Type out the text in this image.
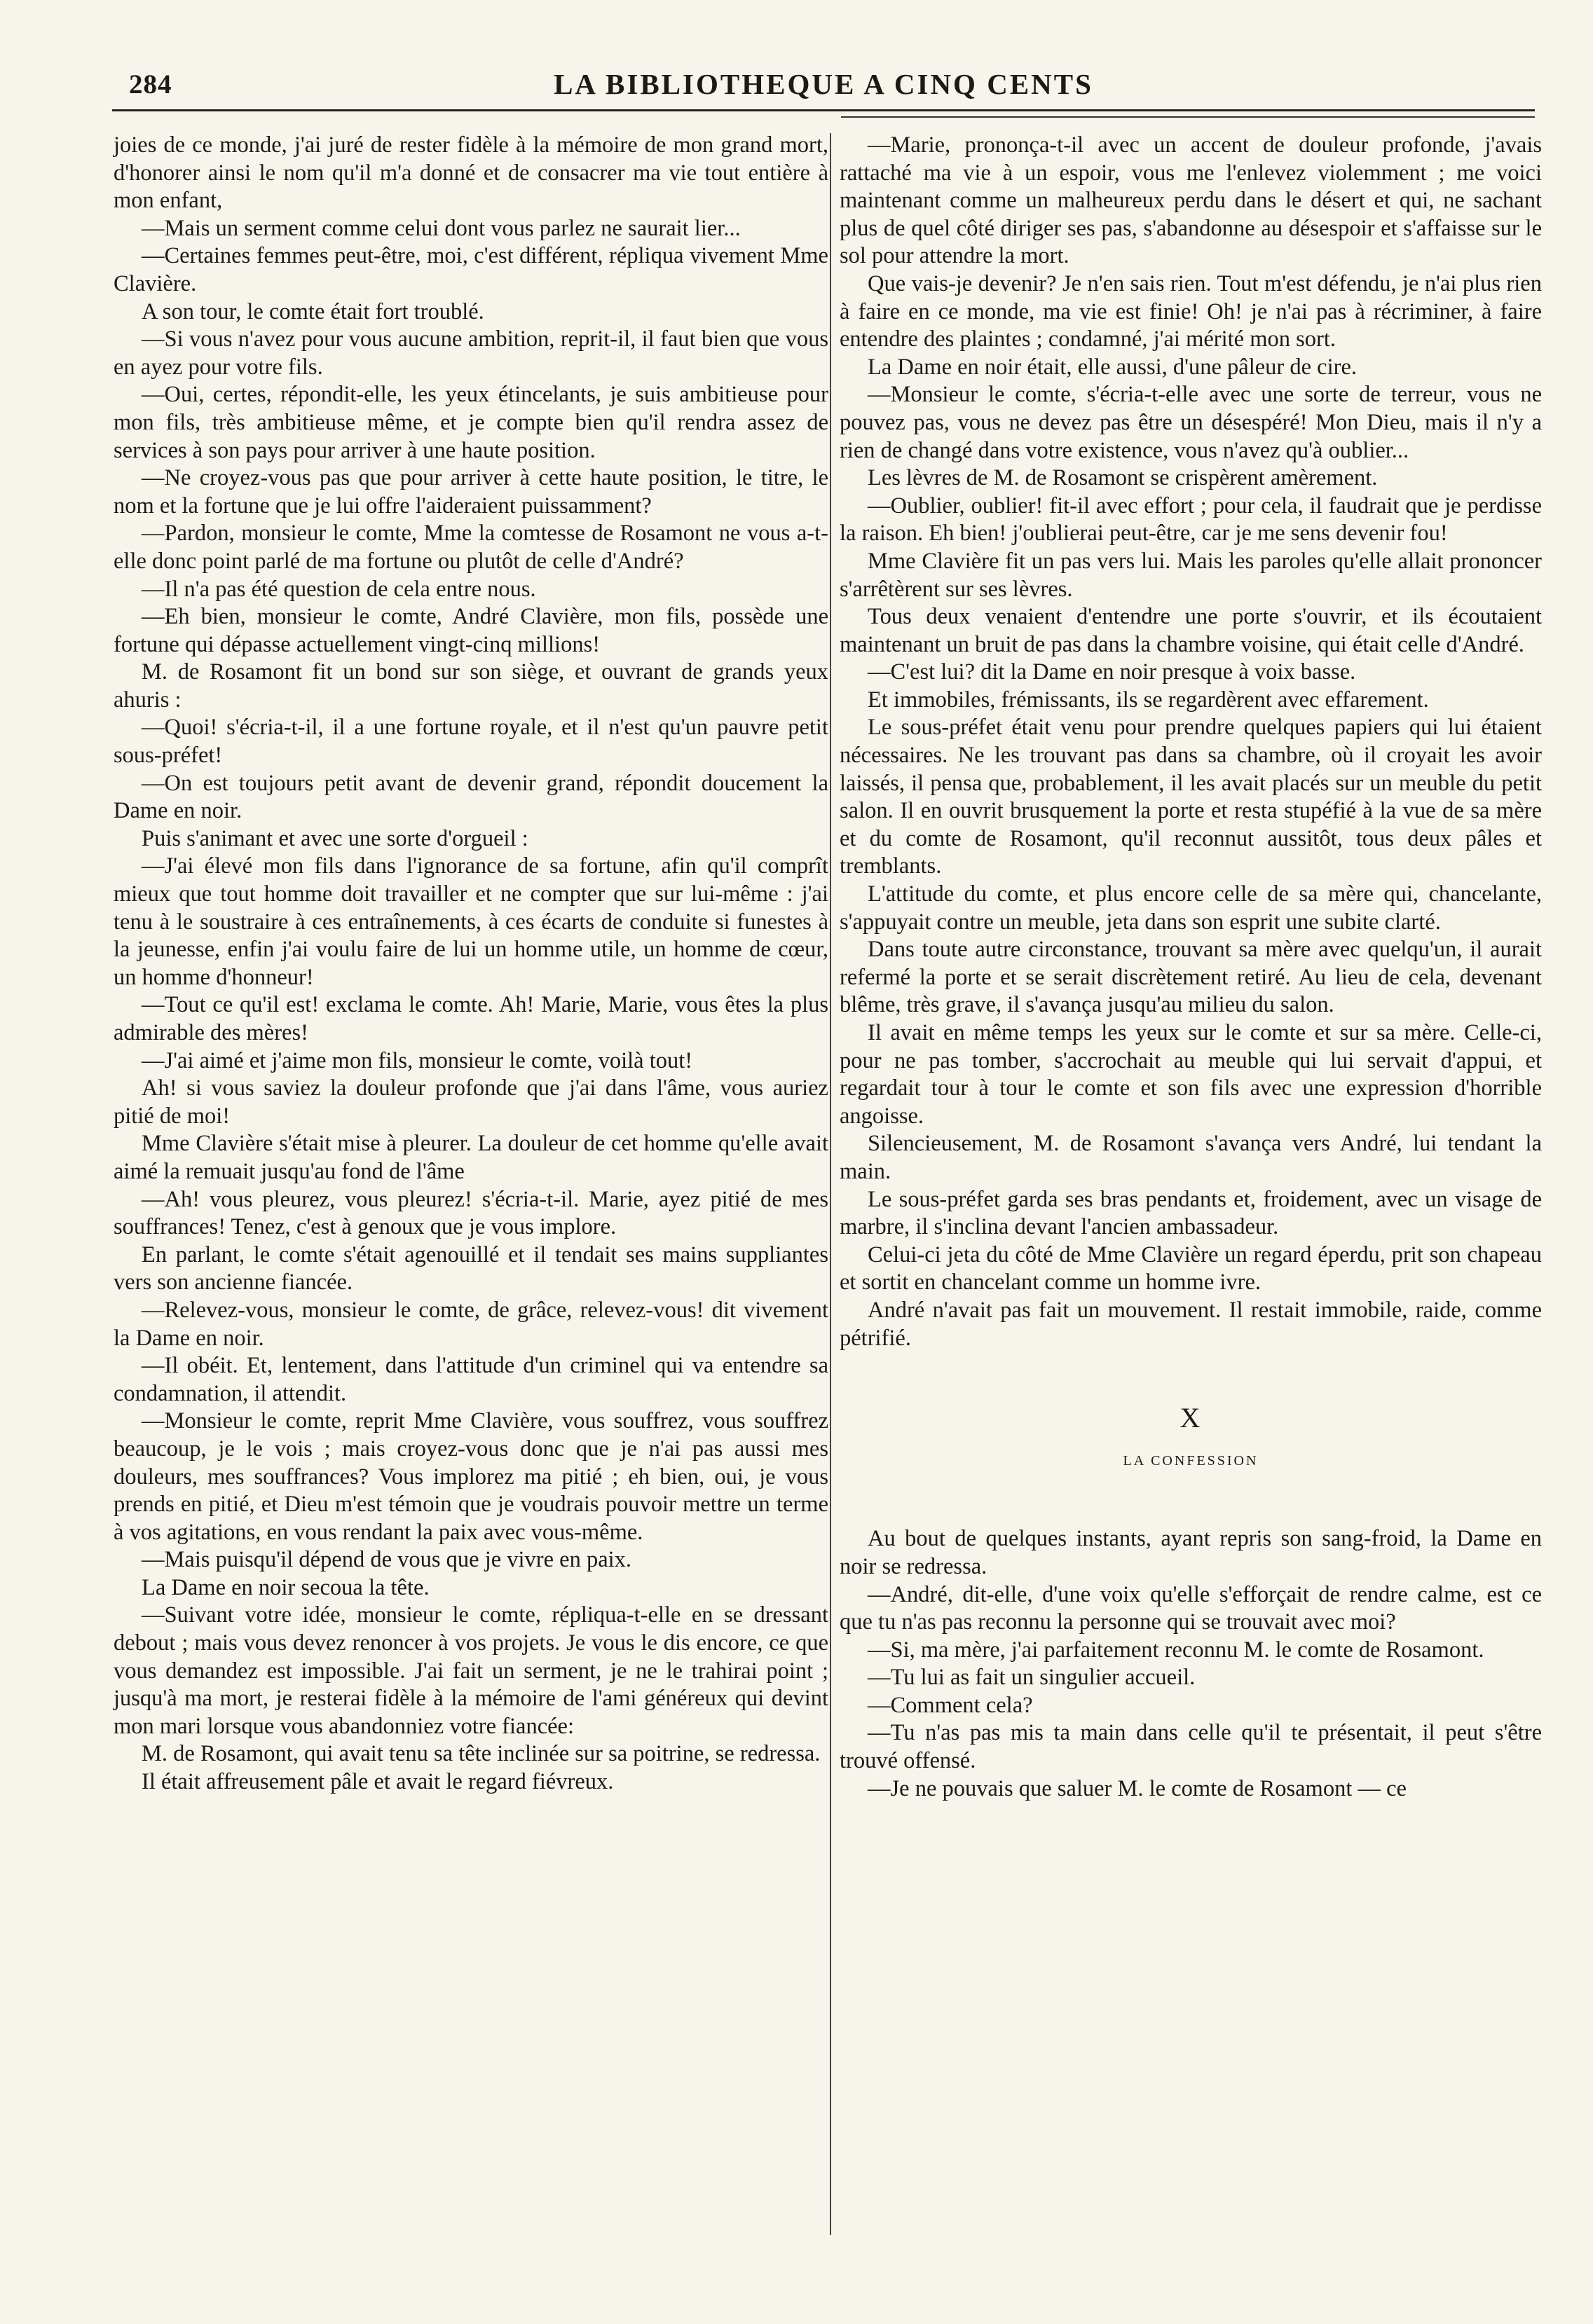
284	LA BIBLIOTHEQUE A CINQ CENTS

joies de ce monde, j'ai juré de rester fidèle à la mémoire de mon grand mort, d'honorer ainsi le nom qu'il m'a donné et de consacrer ma vie tout entière à mon enfant,

—Mais un serment comme celui dont vous parlez ne saurait lier...

—Certaines femmes peut-être, moi, c'est différent, répliqua vivement Mme Clavière.

A son tour, le comte était fort troublé.

—Si vous n'avez pour vous aucune ambition, reprit-il, il faut bien que vous en ayez pour votre fils.

—Oui, certes, répondit-elle, les yeux étincelants, je suis ambitieuse pour mon fils, très ambitieuse même, et je compte bien qu'il rendra assez de services à son pays pour arriver à une haute position.

—Ne croyez-vous pas que pour arriver à cette haute position, le titre, le nom et la fortune que je lui offre l'aideraient puissamment?

—Pardon, monsieur le comte, Mme la comtesse de Rosamont ne vous a-t-elle donc point parlé de ma fortune ou plutôt de celle d'André?

—Il n'a pas été question de cela entre nous.

—Eh bien, monsieur le comte, André Clavière, mon fils, possède une fortune qui dépasse actuellement vingt-cinq millions!

M. de Rosamont fit un bond sur son siège, et ouvrant de grands yeux ahuris :

—Quoi! s'écria-t-il, il a une fortune royale, et il n'est qu'un pauvre petit sous-préfet!

—On est toujours petit avant de devenir grand, répondit doucement la Dame en noir.

Puis s'animant et avec une sorte d'orgueil :

—J'ai élevé mon fils dans l'ignorance de sa fortune, afin qu'il comprît mieux que tout homme doit travailler et ne compter que sur lui-même : j'ai tenu à le soustraire à ces entraînements, à ces écarts de conduite si funestes à la jeunesse, enfin j'ai voulu faire de lui un homme utile, un homme de cœur, un homme d'honneur!

—Tout ce qu'il est! exclama le comte. Ah! Marie, Marie, vous êtes la plus admirable des mères!

—J'ai aimé et j'aime mon fils, monsieur le comte, voilà tout!

Ah! si vous saviez la douleur profonde que j'ai dans l'âme, vous auriez pitié de moi!

Mme Clavière s'était mise à pleurer. La douleur de cet homme qu'elle avait aimé la remuait jusqu'au fond de l'âme

—Ah! vous pleurez, vous pleurez! s'écria-t-il. Marie, ayez pitié de mes souffrances! Tenez, c'est à genoux que je vous implore.

En parlant, le comte s'était agenouillé et il tendait ses mains suppliantes vers son ancienne fiancée.

—Relevez-vous, monsieur le comte, de grâce, relevez-vous! dit vivement la Dame en noir.

—Il obéit. Et, lentement, dans l'attitude d'un criminel qui va entendre sa condamnation, il attendit.

—Monsieur le comte, reprit Mme Clavière, vous souffrez, vous souffrez beaucoup, je le vois ; mais croyez-vous donc que je n'ai pas aussi mes douleurs, mes souffrances? Vous implorez ma pitié ; eh bien, oui, je vous prends en pitié, et Dieu m'est témoin que je voudrais pouvoir mettre un terme à vos agitations, en vous rendant la paix avec vous-même.

—Mais puisqu'il dépend de vous que je vivre en paix.

La Dame en noir secoua la tête.

—Suivant votre idée, monsieur le comte, répliqua-t-elle en se dressant debout ; mais vous devez renoncer à vos projets. Je vous le dis encore, ce que vous demandez est impossible. J'ai fait un serment, je ne le trahirai point ; jusqu'à ma mort, je resterai fidèle à la mémoire de l'ami généreux qui devint mon mari lorsque vous abandonniez votre fiancée:

M. de Rosamont, qui avait tenu sa tête inclinée sur sa poitrine, se redressa.

Il était affreusement pâle et avait le regard fiévreux.

—Marie, prononça-t-il avec un accent de douleur profonde, j'avais rattaché ma vie à un espoir, vous me l'enlevez violemment ; me voici maintenant comme un malheureux perdu dans le désert et qui, ne sachant plus de quel côté diriger ses pas, s'abandonne au désespoir et s'affaisse sur le sol pour attendre la mort.

Que vais-je devenir? Je n'en sais rien. Tout m'est défendu, je n'ai plus rien à faire en ce monde, ma vie est finie! Oh! je n'ai pas à récriminer, à faire entendre des plaintes ; condamné, j'ai mérité mon sort.

La Dame en noir était, elle aussi, d'une pâleur de cire.

—Monsieur le comte, s'écria-t-elle avec une sorte de terreur, vous ne pouvez pas, vous ne devez pas être un désespéré! Mon Dieu, mais il n'y a rien de changé dans votre existence, vous n'avez qu'à oublier...

Les lèvres de M. de Rosamont se crispèrent amèrement.

—Oublier, oublier! fit-il avec effort ; pour cela, il faudrait que je perdisse la raison. Eh bien! j'oublierai peut-être, car je me sens devenir fou!

Mme Clavière fit un pas vers lui. Mais les paroles qu'elle allait prononcer s'arrêtèrent sur ses lèvres.

Tous deux venaient d'entendre une porte s'ouvrir, et ils écoutaient maintenant un bruit de pas dans la chambre voisine, qui était celle d'André.

—C'est lui? dit la Dame en noir presque à voix basse.

Et immobiles, frémissants, ils se regardèrent avec effarement.

Le sous-préfet était venu pour prendre quelques papiers qui lui étaient nécessaires. Ne les trouvant pas dans sa chambre, où il croyait les avoir laissés, il pensa que, probablement, il les avait placés sur un meuble du petit salon. Il en ouvrit brusquement la porte et resta stupéfié à la vue de sa mère et du comte de Rosamont, qu'il reconnut aussitôt, tous deux pâles et tremblants.

L'attitude du comte, et plus encore celle de sa mère qui, chancelante, s'appuyait contre un meuble, jeta dans son esprit une subite clarté.

Dans toute autre circonstance, trouvant sa mère avec quelqu'un, il aurait refermé la porte et se serait discrètement retiré. Au lieu de cela, devenant blême, très grave, il s'avança jusqu'au milieu du salon.

Il avait en même temps les yeux sur le comte et sur sa mère. Celle-ci, pour ne pas tomber, s'accrochait au meuble qui lui servait d'appui, et regardait tour à tour le comte et son fils avec une expression d'horrible angoisse.

Silencieusement, M. de Rosamont s'avança vers André, lui tendant la main.

Le sous-préfet garda ses bras pendants et, froidement, avec un visage de marbre, il s'inclina devant l'ancien ambassadeur.

Celui-ci jeta du côté de Mme Clavière un regard éperdu, prit son chapeau et sortit en chancelant comme un homme ivre.

André n'avait pas fait un mouvement. Il restait immobile, raide, comme pétrifié.

X
LA CONFESSION

Au bout de quelques instants, ayant repris son sang-froid, la Dame en noir se redressa.

—André, dit-elle, d'une voix qu'elle s'efforçait de rendre calme, est ce que tu n'as pas reconnu la personne qui se trouvait avec moi?

—Si, ma mère, j'ai parfaitement reconnu M. le comte de Rosamont.

—Tu lui as fait un singulier accueil.

—Comment cela?

—Tu n'as pas mis ta main dans celle qu'il te présentait, il peut s'être trouvé offensé.

—Je ne pouvais que saluer M. le comte de Rosamont — ce
